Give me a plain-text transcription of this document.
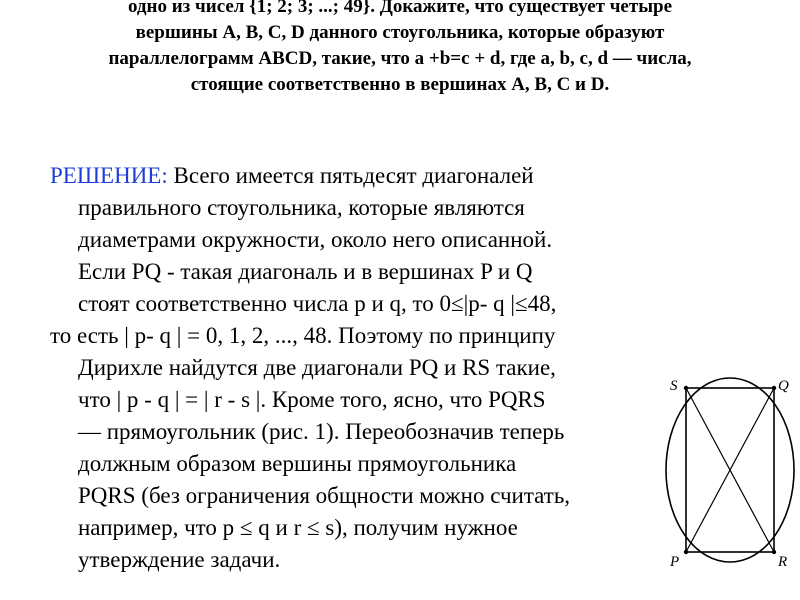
одно из чисел {1; 2; 3; ...; 49}. Докажите, что существует четыре
вершины A, B, C, D данного стоугольника, которые образуют
параллелограмм ABCD, такие, что a +b=c + d, где a, b, c, d — числа,
стоящие соответственно в вершинах A, B, C и D.
РЕШЕНИЕ: Всего имеется пятьдесят диагоналей
правильного стоугольника, которые являются
диаметрами окружности, около него описанной.
Если PQ - такая диагональ и в вершинах P и Q
стоят соответственно числа p и q, то 0≤|p- q |≤48,
то есть | p- q | = 0, 1, 2, ..., 48. Поэтому по принципу
Дирихле найдутся две диагонали PQ и RS такие,
что | p - q | = | r - s |. Кроме того, ясно, что PQRS
— прямоугольник (рис. 1). Переобозначив теперь
должным образом вершины прямоугольника
PQRS (без ограничения общности можно считать,
например, что p ≤ q и r ≤ s), получим нужное
утверждение задачи.
S	Q
P	R
